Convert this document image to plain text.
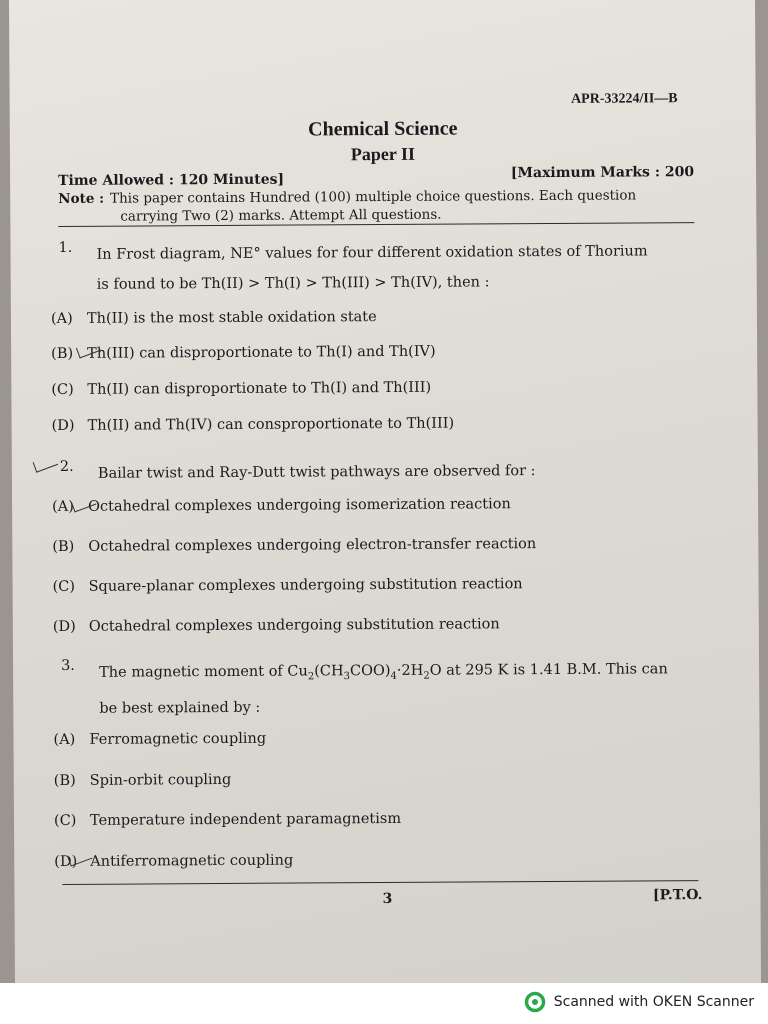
APR-33224/II—B
Chemical Science
Paper II
Time Allowed : 120 Minutes]	[Maximum Marks : 200
Note : This paper contains Hundred (100) multiple choice questions. Each question
carrying Two (2) marks. Attempt All questions.
1. In Frost diagram, NE° values for four different oxidation states of Thorium
is found to be Th(II) > Th(I) > Th(III) > Th(IV), then :
(A) Th(II) is the most stable oxidation state
(B) Th(III) can disproportionate to Th(I) and Th(IV)
(C) Th(II) can disproportionate to Th(I) and Th(III)
(D) Th(II) and Th(IV) can consproportionate to Th(III)
2. Bailar twist and Ray-Dutt twist pathways are observed for :
(A) Octahedral complexes undergoing isomerization reaction
(B) Octahedral complexes undergoing electron-transfer reaction
(C) Square-planar complexes undergoing substitution reaction
(D) Octahedral complexes undergoing substitution reaction
3. The magnetic moment of $Cu_2(CH_3COO)_4\cdot 2H_2O$ at 295 K is 1.41 B.M. This can
be best explained by :
(A) Ferromagnetic coupling
(B) Spin-orbit coupling
(C) Temperature independent paramagnetism
(D) Antiferromagnetic coupling
3	[P.T.O.
Scanned with OKEN Scanner
